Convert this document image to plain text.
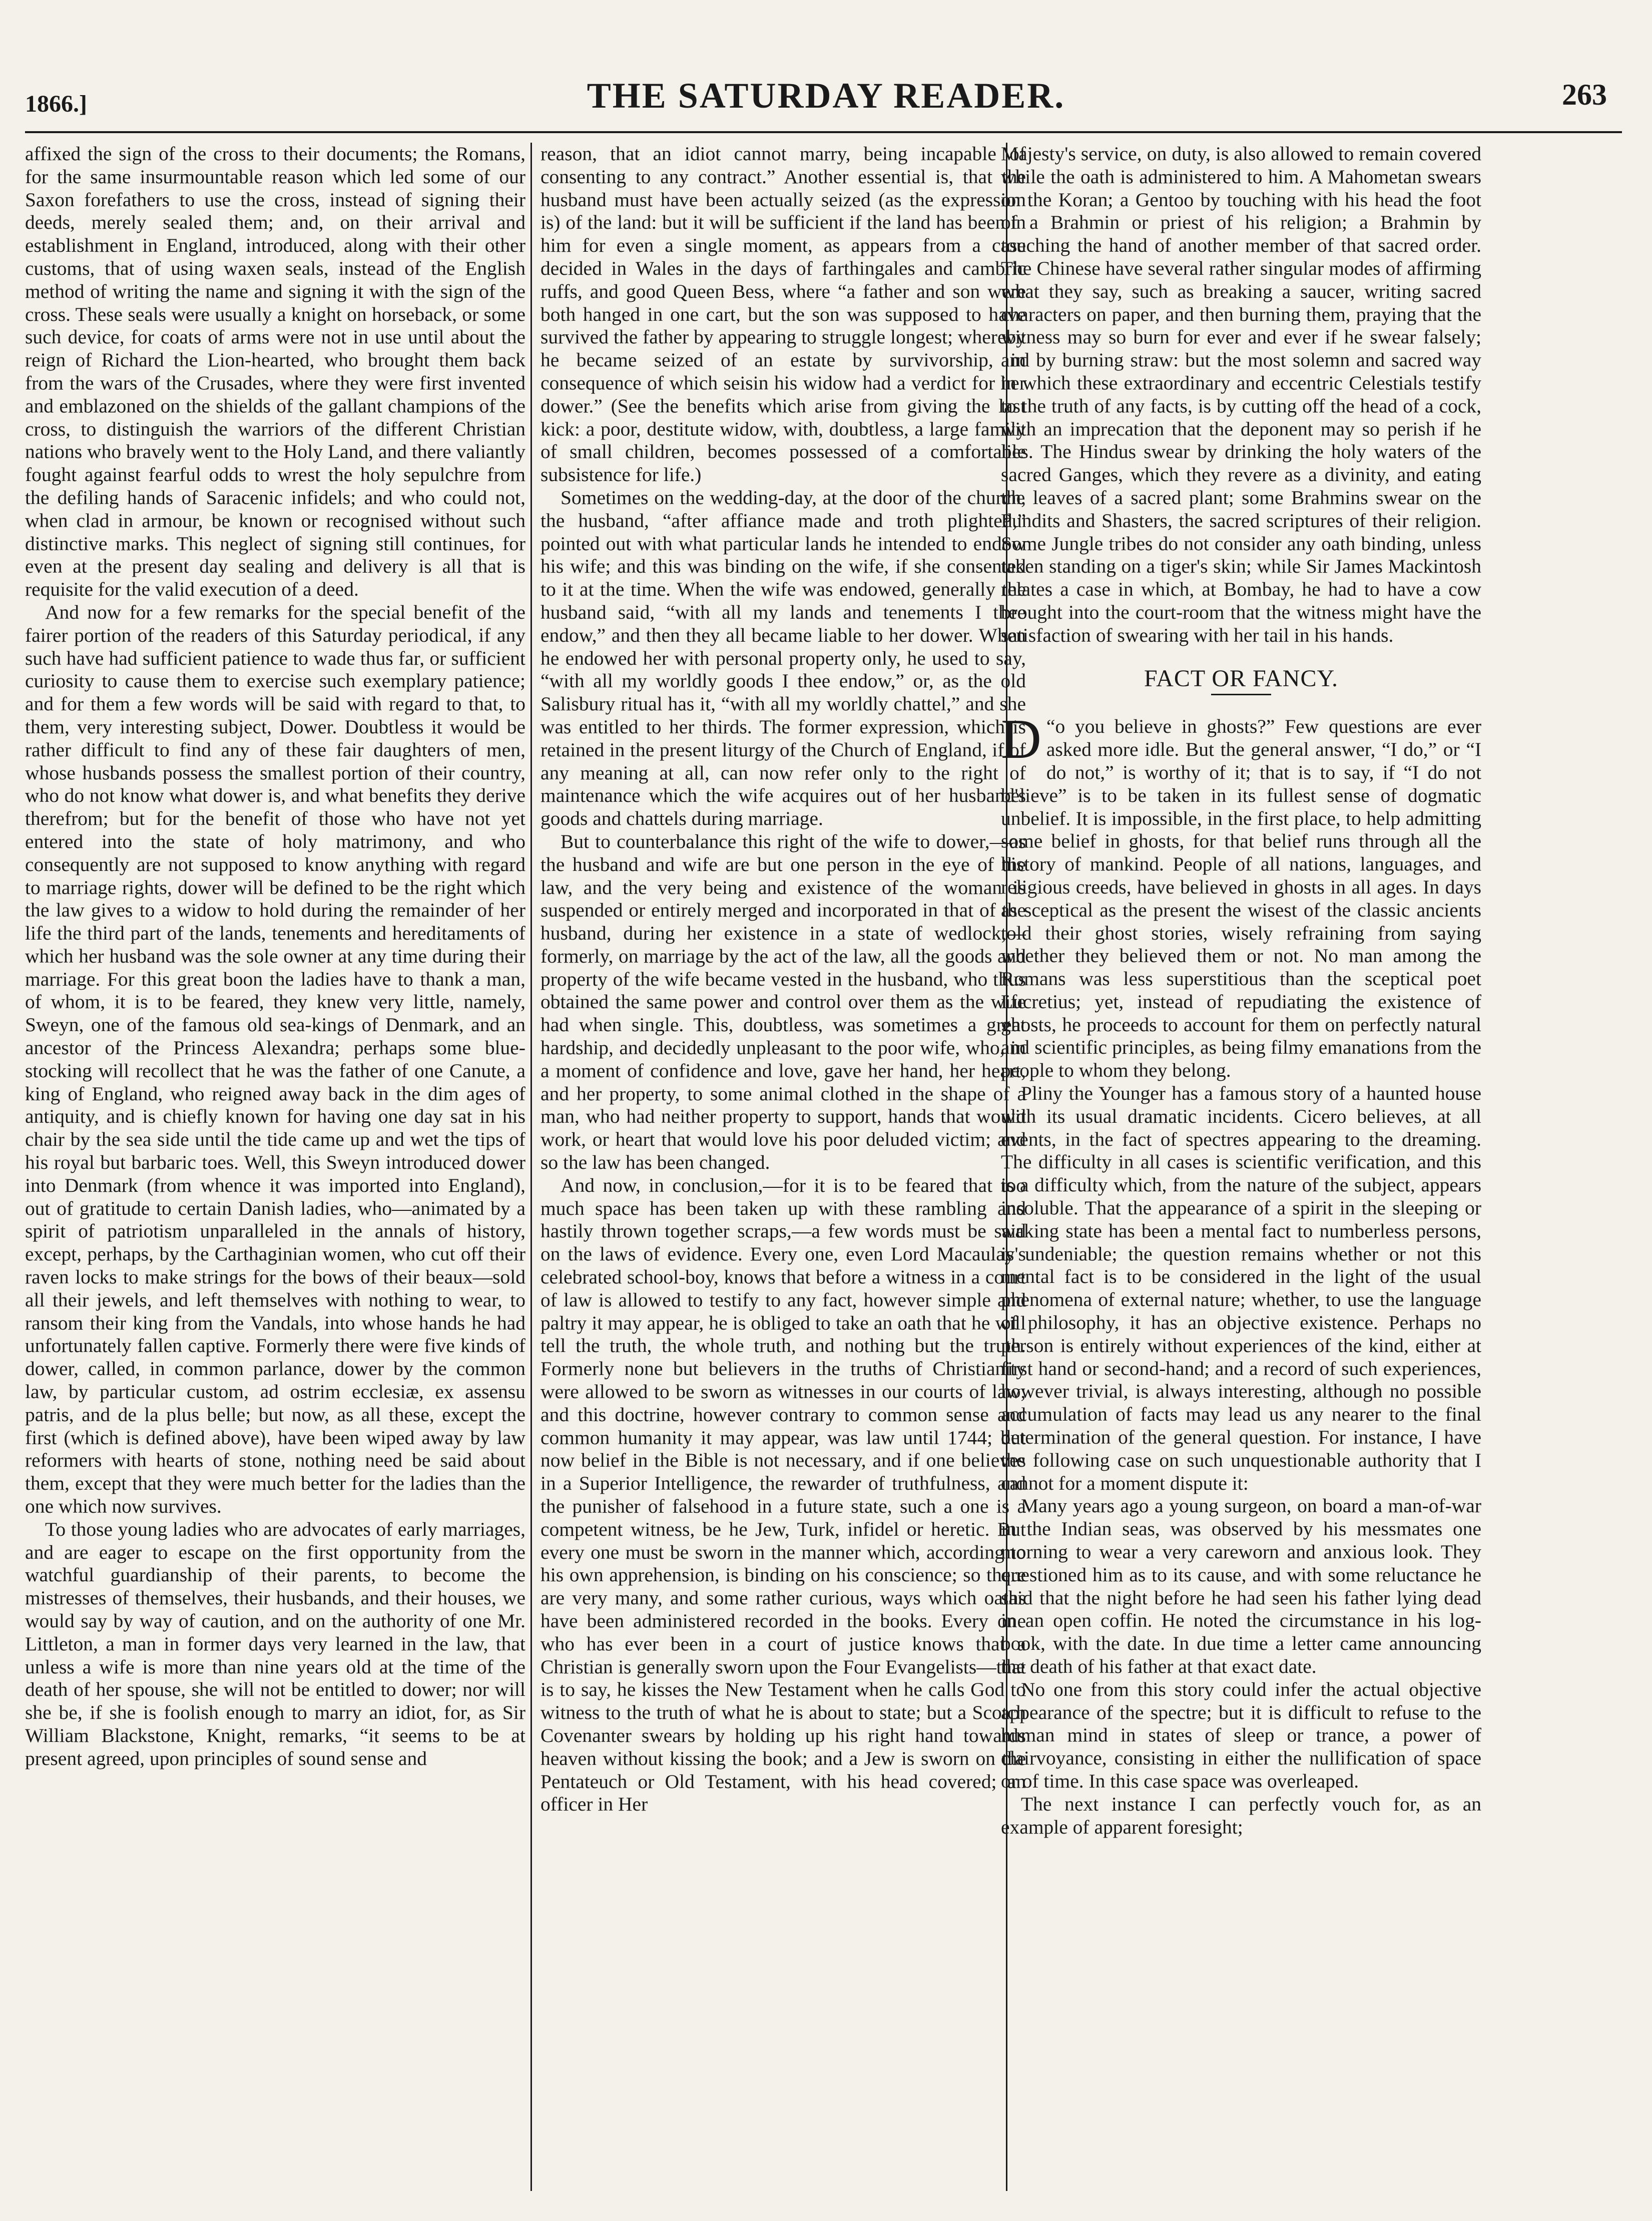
1866.]	THE SATURDAY READER.	263

affixed the sign of the cross to their documents; the Romans, for the same insurmountable reason which led some of our Saxon forefathers to use the cross, instead of signing their deeds, merely sealed them; and, on their arrival and establishment in England, introduced, along with their other customs, that of using waxen seals, instead of the English method of writing the name and signing it with the sign of the cross. These seals were usually a knight on horseback, or some such device, for coats of arms were not in use until about the reign of Richard the Lion-hearted, who brought them back from the wars of the Crusades, where they were first invented and emblazoned on the shields of the gallant champions of the cross, to distinguish the warriors of the different Christian nations who bravely went to the Holy Land, and there valiantly fought against fearful odds to wrest the holy sepulchre from the defiling hands of Saracenic infidels; and who could not, when clad in armour, be known or recognised without such distinctive marks. This neglect of signing still continues, for even at the present day sealing and delivery is all that is requisite for the valid execution of a deed.

And now for a few remarks for the special benefit of the fairer portion of the readers of this Saturday periodical, if any such have had sufficient patience to wade thus far, or sufficient curiosity to cause them to exercise such exemplary patience; and for them a few words will be said with regard to that, to them, very interesting subject, Dower. Doubtless it would be rather difficult to find any of these fair daughters of men, whose husbands possess the smallest portion of their country, who do not know what dower is, and what benefits they derive therefrom; but for the benefit of those who have not yet entered into the state of holy matrimony, and who consequently are not supposed to know anything with regard to marriage rights, dower will be defined to be the right which the law gives to a widow to hold during the remainder of her life the third part of the lands, tenements and hereditaments of which her husband was the sole owner at any time during their marriage. For this great boon the ladies have to thank a man, of whom, it is to be feared, they knew very little, namely, Sweyn, one of the famous old sea-kings of Denmark, and an ancestor of the Princess Alexandra; perhaps some blue-stocking will recollect that he was the father of one Canute, a king of England, who reigned away back in the dim ages of antiquity, and is chiefly known for having one day sat in his chair by the sea side until the tide came up and wet the tips of his royal but barbaric toes. Well, this Sweyn introduced dower into Denmark (from whence it was imported into England), out of gratitude to certain Danish ladies, who—animated by a spirit of patriotism unparalleled in the annals of history, except, perhaps, by the Carthaginian women, who cut off their raven locks to make strings for the bows of their beaux—sold all their jewels, and left themselves with nothing to wear, to ransom their king from the Vandals, into whose hands he had unfortunately fallen captive. Formerly there were five kinds of dower, called, in common parlance, dower by the common law, by particular custom, ad ostrim ecclesiæ, ex assensu patris, and de la plus belle; but now, as all these, except the first (which is defined above), have been wiped away by law reformers with hearts of stone, nothing need be said about them, except that they were much better for the ladies than the one which now survives.

To those young ladies who are advocates of early marriages, and are eager to escape on the first opportunity from the watchful guardianship of their parents, to become the mistresses of themselves, their husbands, and their houses, we would say by way of caution, and on the authority of one Mr. Littleton, a man in former days very learned in the law, that unless a wife is more than nine years old at the time of the death of her spouse, she will not be entitled to dower; nor will she be, if she is foolish enough to marry an idiot, for, as Sir William Blackstone, Knight, remarks, “it seems to be at present agreed, upon principles of sound sense and

reason, that an idiot cannot marry, being incapable of consenting to any contract.” Another essential is, that the husband must have been actually seized (as the expression is) of the land: but it will be sufficient if the land has been in him for even a single moment, as appears from a case decided in Wales in the days of farthingales and cambric ruffs, and good Queen Bess, where “a father and son were both hanged in one cart, but the son was supposed to have survived the father by appearing to struggle longest; whereby he became seized of an estate by survivorship, in consequence of which seisin his widow had a verdict for her dower.” (See the benefits which arise from giving the last kick: a poor, destitute widow, with, doubtless, a large family of small children, becomes possessed of a comfortable subsistence for life.)

Sometimes on the wedding-day, at the door of the church, the husband, “after affiance made and troth plighted,” pointed out with what particular lands he intended to endow his wife; and this was binding on the wife, if she consented to it at the time. When the wife was endowed, generally the husband said, “with all my lands and tenements I thee endow,” and then they all became liable to her dower. When he endowed her with personal property only, he used to say, “with all my worldly goods I thee endow,” or, as the old Salisbury ritual has it, “with all my worldly chattel,” and she was entitled to her thirds. The former expression, which is retained in the present liturgy of the Church of England, if of any meaning at all, can now refer only to the right of maintenance which the wife acquires out of her husband's goods and chattels during marriage.

But to counterbalance this right of the wife to dower,—as the husband and wife are but one person in the eye of the law, and the very being and existence of the woman is suspended or entirely merged and incorporated in that of the husband, during her existence in a state of wedlock,—formerly, on marriage by the act of the law, all the goods and property of the wife became vested in the husband, who thus obtained the same power and control over them as the wife had when single. This, doubtless, was sometimes a great hardship, and decidedly unpleasant to the poor wife, who, in a moment of confidence and love, gave her hand, her heart, and her property, to some animal clothed in the shape of a man, who had neither property to support, hands that would work, or heart that would love his poor deluded victim; and so the law has been changed.

And now, in conclusion,—for it is to be feared that too much space has been taken up with these rambling and hastily thrown together scraps,—a few words must be said on the laws of evidence. Every one, even Lord Macaulay's celebrated school-boy, knows that before a witness in a court of law is allowed to testify to any fact, however simple and paltry it may appear, he is obliged to take an oath that he will tell the truth, the whole truth, and nothing but the truth. Formerly none but believers in the truths of Christianity were allowed to be sworn as witnesses in our courts of law; and this doctrine, however contrary to common sense and common humanity it may appear, was law until 1744; but now belief in the Bible is not necessary, and if one believes in a Superior Intelligence, the rewarder of truthfulness, and the punisher of falsehood in a future state, such a one is a competent witness, be he Jew, Turk, infidel or heretic. But every one must be sworn in the manner which, according to his own apprehension, is binding on his conscience; so there are very many, and some rather curious, ways which oaths have been administered recorded in the books. Every one who has ever been in a court of justice knows that a Christian is generally sworn upon the Four Evangelists—that is to say, he kisses the New Testament when he calls God to witness to the truth of what he is about to state; but a Scotch Covenanter swears by holding up his right hand towards heaven without kissing the book; and a Jew is sworn on the Pentateuch or Old Testament, with his head covered; an officer in Her

Majesty's service, on duty, is also allowed to remain covered while the oath is administered to him. A Mahometan swears on the Koran; a Gentoo by touching with his head the foot of a Brahmin or priest of his religion; a Brahmin by touching the hand of another member of that sacred order. The Chinese have several rather singular modes of affirming what they say, such as breaking a saucer, writing sacred characters on paper, and then burning them, praying that the witness may so burn for ever and ever if he swear falsely; and by burning straw: but the most solemn and sacred way in which these extraordinary and eccentric Celestials testify to the truth of any facts, is by cutting off the head of a cock, with an imprecation that the deponent may so perish if he lies. The Hindus swear by drinking the holy waters of the sacred Ganges, which they revere as a divinity, and eating the leaves of a sacred plant; some Brahmins swear on the Pundits and Shasters, the sacred scriptures of their religion. Some Jungle tribes do not consider any oath binding, unless taken standing on a tiger's skin; while Sir James Mackintosh relates a case in which, at Bombay, he had to have a cow brought into the court-room that the witness might have the satisfaction of swearing with her tail in his hands.

FACT OR FANCY.

“
D o you believe in ghosts?” Few questions are ever asked more idle. But the general answer, “I do,” or “I do not,” is worthy of it; that is to say, if “I do not believe” is to be taken in its fullest sense of dogmatic unbelief. It is impossible, in the first place, to help admitting some belief in ghosts, for that belief runs through all the history of mankind. People of all nations, languages, and religious creeds, have believed in ghosts in all ages. In days as sceptical as the present the wisest of the classic ancients told their ghost stories, wisely refraining from saying whether they believed them or not. No man among the Romans was less superstitious than the sceptical poet Lucretius; yet, instead of repudiating the existence of ghosts, he proceeds to account for them on perfectly natural and scientific principles, as being filmy emanations from the people to whom they belong.

Pliny the Younger has a famous story of a haunted house with its usual dramatic incidents. Cicero believes, at all events, in the fact of spectres appearing to the dreaming. The difficulty in all cases is scientific verification, and this is a difficulty which, from the nature of the subject, appears insoluble. That the appearance of a spirit in the sleeping or waking state has been a mental fact to numberless persons, is undeniable; the question remains whether or not this mental fact is to be considered in the light of the usual phenomena of external nature; whether, to use the language of philosophy, it has an objective existence. Perhaps no person is entirely without experiences of the kind, either at first hand or second-hand; and a record of such experiences, however trivial, is always interesting, although no possible accumulation of facts may lead us any nearer to the final determination of the general question. For instance, I have the following case on such unquestionable authority that I cannot for a moment dispute it:

Many years ago a young surgeon, on board a man-of-war in the Indian seas, was observed by his messmates one morning to wear a very careworn and anxious look. They questioned him as to its cause, and with some reluctance he said that the night before he had seen his father lying dead in an open coffin. He noted the circumstance in his log-book, with the date. In due time a letter came announcing the death of his father at that exact date.

No one from this story could infer the actual objective appearance of the spectre; but it is difficult to refuse to the human mind in states of sleep or trance, a power of clairvoyance, consisting in either the nullification of space or of time. In this case space was overleaped.

The next instance I can perfectly vouch for, as an example of apparent foresight;
